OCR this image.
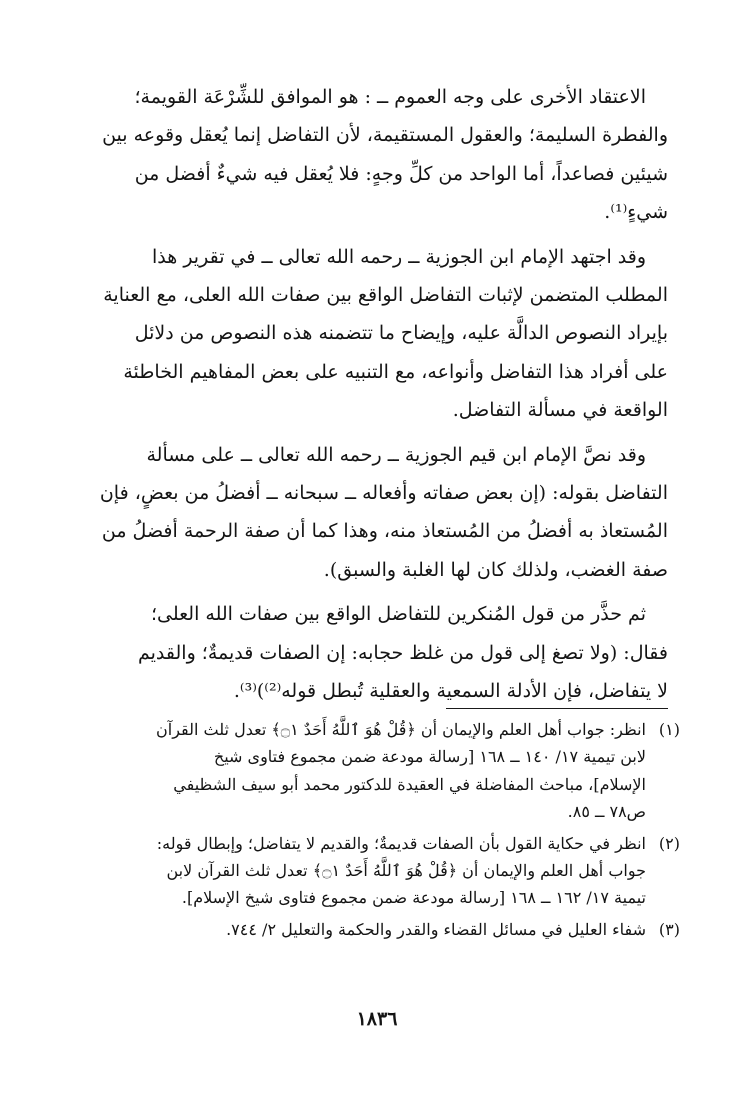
الاعتقاد الأخرى على وجه العموم ــ : هو الموافق للشِّرْعَة القويمة؛
والفطرة السليمة؛ والعقول المستقيمة، لأن التفاضل إنما يُعقل وقوعه بين
شيئين فصاعداً، أما الواحد من كلِّ وجهٍ: فلا يُعقل فيه شيءٌ أفضل من
شيءٍ⁽¹⁾.

وقد اجتهد الإمام ابن الجوزية ــ رحمه الله تعالى ــ في تقرير هذا
المطلب المتضمن لإثبات التفاضل الواقع بين صفات الله العلى، مع العناية
بإيراد النصوص الدالَّة عليه، وإيضاح ما تتضمنه هذه النصوص من دلائل
على أفراد هذا التفاضل وأنواعه، مع التنبيه على بعض المفاهيم الخاطئة
الواقعة في مسألة التفاضل.

وقد نصَّ الإمام ابن قيم الجوزية ــ رحمه الله تعالى ــ على مسألة
التفاضل بقوله: (إن بعض صفاته وأفعاله ــ سبحانه ــ أفضلُ من بعضٍ، فإن
المُستعاذ به أفضلُ من المُستعاذ منه، وهذا كما أن صفة الرحمة أفضلُ من
صفة الغضب، ولذلك كان لها الغلبة والسبق).

ثم حذَّر من قول المُنكرين للتفاضل الواقع بين صفات الله العلى؛
فقال: (ولا تصغ إلى قول من غلظ حجابه: إن الصفات قديمةٌ؛ والقديم
لا يتفاضل، فإن الأدلة السمعية والعقلية تُبطل قوله⁽²⁾)⁽³⁾.

(١)
انظر: جواب أهل العلم والإيمان أن ﴿قُلْ هُوَ ٱللَّهُ أَحَدٌ ۝١﴾ تعدل ثلث القرآن
لابن تيمية ١٧/ ١٤٠ ــ ١٦٨ [رسالة مودعة ضمن مجموع فتاوى شيخ
الإسلام]، مباحث المفاضلة في العقيدة للدكتور محمد أبو سيف الشظيفي
ص٧٨ ــ ٨٥.
(٢)
انظر في حكاية القول بأن الصفات قديمةٌ؛ والقديم لا يتفاضل؛ وإبطال قوله:
جواب أهل العلم والإيمان أن ﴿قُلْ هُوَ ٱللَّهُ أَحَدٌ ۝١﴾ تعدل ثلث القرآن لابن
تيمية ١٧/ ١٦٢ ــ ١٦٨ [رسالة مودعة ضمن مجموع فتاوى شيخ الإسلام].
(٣)
شفاء العليل في مسائل القضاء والقدر والحكمة والتعليل ٢/ ٧٤٤.
١٨٣٦
